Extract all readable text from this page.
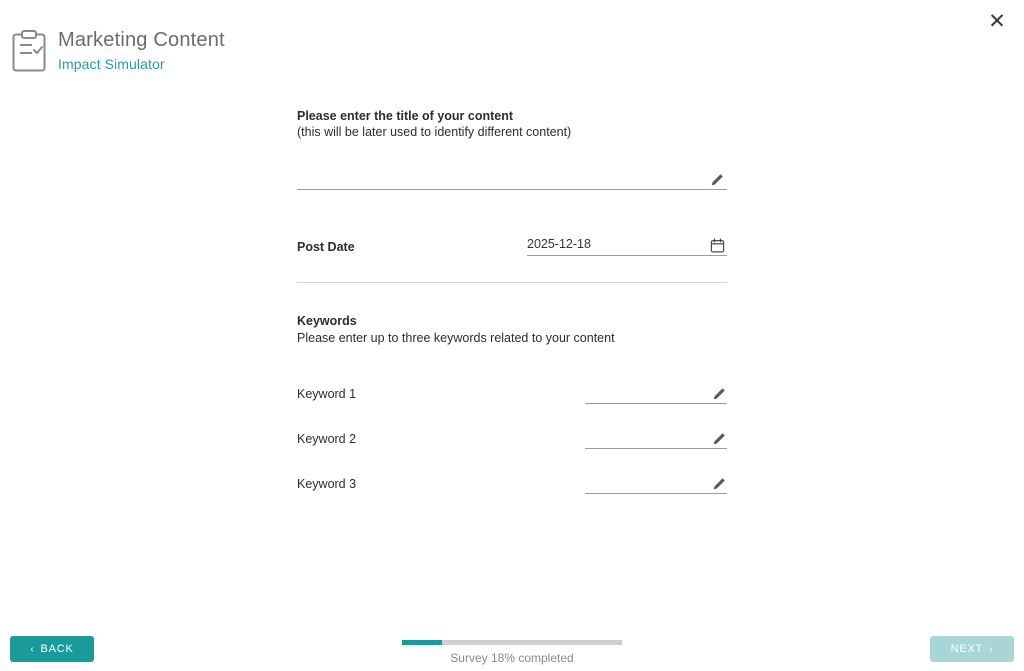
Marketing Content
Impact Simulator
✕
Please enter the title of your content
(this will be later used to identify different content)
Post Date	2025-12-18
Keywords
Please enter up to three keywords related to your content
Keyword 1
Keyword 2
Keyword 3
‹ BACK
Survey 18% completed
NEXT ›
